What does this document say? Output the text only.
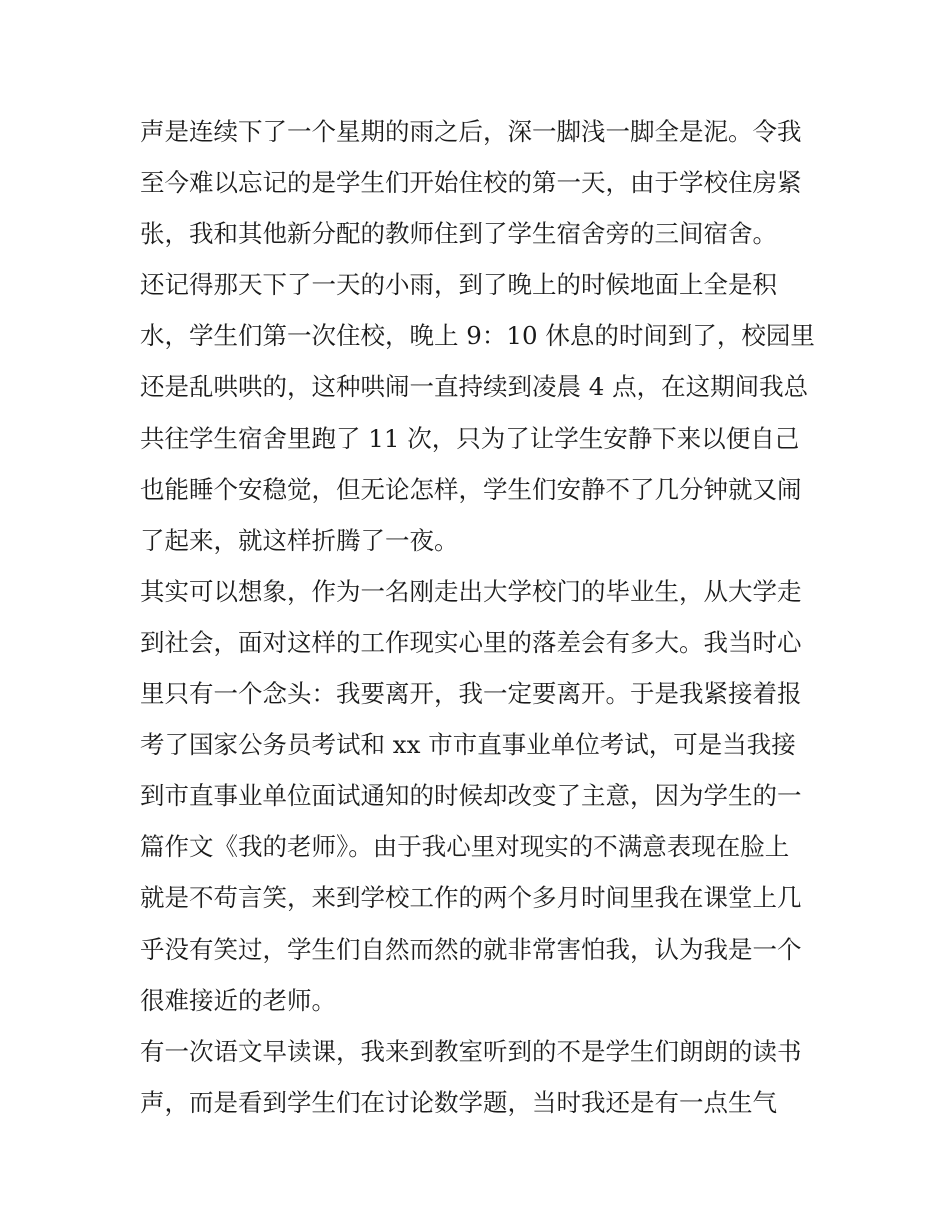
声是连续下了一个星期的雨之后，深一脚浅一脚全是泥。令我
至今难以忘记的是学生们开始住校的第一天，由于学校住房紧
张，我和其他新分配的教师住到了学生宿舍旁的三间宿舍。
还记得那天下了一天的小雨，到了晚上的时候地面上全是积
水，学生们第一次住校，晚上 9：10 休息的时间到了，校园里
还是乱哄哄的，这种哄闹一直持续到凌晨 4 点，在这期间我总
共往学生宿舍里跑了 11 次，只为了让学生安静下来以便自己
也能睡个安稳觉，但无论怎样，学生们安静不了几分钟就又闹
了起来，就这样折腾了一夜。
其实可以想象，作为一名刚走出大学校门的毕业生，从大学走
到社会，面对这样的工作现实心里的落差会有多大。我当时心
里只有一个念头：我要离开，我一定要离开。于是我紧接着报
考了国家公务员考试和 xx 市市直事业单位考试，可是当我接
到市直事业单位面试通知的时候却改变了主意，因为学生的一
篇作文《我的老师》。由于我心里对现实的不满意表现在脸上
就是不苟言笑，来到学校工作的两个多月时间里我在课堂上几
乎没有笑过，学生们自然而然的就非常害怕我，认为我是一个
很难接近的老师。
有一次语文早读课，我来到教室听到的不是学生们朗朗的读书
声，而是看到学生们在讨论数学题，当时我还是有一点生气
